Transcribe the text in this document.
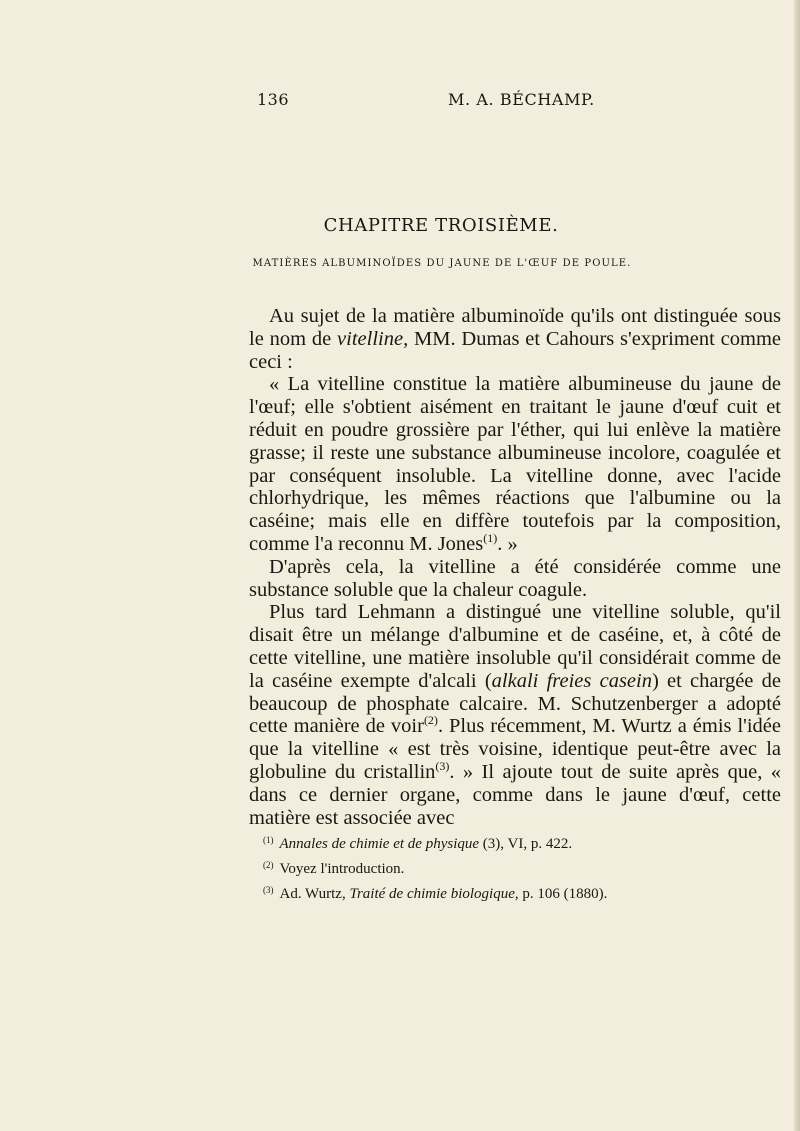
136	M. A. BÉCHAMP.
CHAPITRE TROISIÈME.
MATIÈRES ALBUMINOÏDES DU JAUNE DE L'ŒUF DE POULE.

Au sujet de la matière albuminoïde qu'ils ont distinguée sous le nom de vitelline, MM. Dumas et Cahours s'expriment comme ceci :

« La vitelline constitue la matière albumineuse du jaune de l'œuf; elle s'obtient aisément en traitant le jaune d'œuf cuit et réduit en poudre grossière par l'éther, qui lui enlève la matière grasse; il reste une substance albumineuse incolore, coagulée et par conséquent insoluble. La vitelline donne, avec l'acide chlorhydrique, les mêmes réactions que l'albumine ou la caséine; mais elle en diffère toutefois par la composition, comme l'a reconnu M. Jones$^{(1)}$. »

D'après cela, la vitelline a été considérée comme une substance soluble que la chaleur coagule.

Plus tard Lehmann a distingué une vitelline soluble, qu'il disait être un mélange d'albumine et de caséine, et, à côté de cette vitelline, une matière insoluble qu'il considérait comme de la caséine exempte d'alcali (alkali freies casein) et chargée de beaucoup de phosphate calcaire. M. Schutzenberger a adopté cette manière de voir$^{(2)}$. Plus récemment, M. Wurtz a émis l'idée que la vitelline « est très voisine, identique peut-être avec la globuline du cristallin$^{(3)}$. » Il ajoute tout de suite après que, « dans ce dernier organe, comme dans le jaune d'œuf, cette matière est associée avec

$^{(1)}$ Annales de chimie et de physique (3), VI, p. 422.
$^{(2)}$ Voyez l'introduction.
$^{(3)}$ Ad. Wurtz, Traité de chimie biologique, p. 106 (1880).
